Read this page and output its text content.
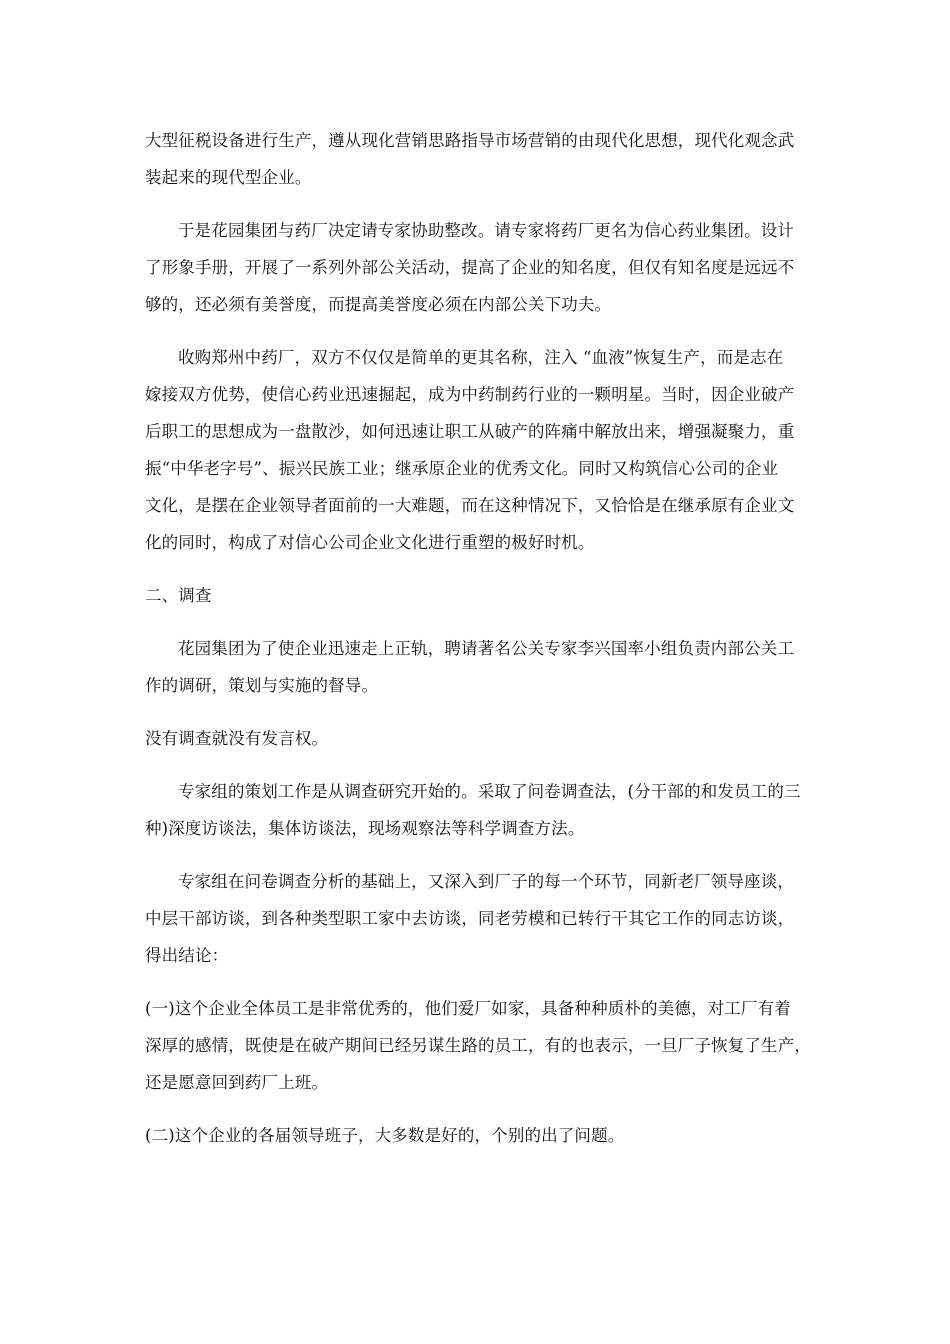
大型征税设备进行生产，遵从现化营销思路指导市场营销的由现代化思想，现代化观念武
装起来的现代型企业。

于是花园集团与药厂决定请专家协助整改。请专家将药厂更名为信心药业集团。设计
了形象手册，开展了一系列外部公关活动，提高了企业的知名度，但仅有知名度是远远不
够的，还必须有美誉度，而提高美誉度必须在内部公关下功夫。

收购郑州中药厂，双方不仅仅是简单的更其名称，注入 “血液”恢复生产，而是志在
嫁接双方优势，使信心药业迅速掘起，成为中药制药行业的一颗明星。当时，因企业破产
后职工的思想成为一盘散沙，如何迅速让职工从破产的阵痛中解放出来，增强凝聚力，重
振“中华老字号”、振兴民族工业；继承原企业的优秀文化。同时又构筑信心公司的企业
文化，是摆在企业领导者面前的一大难题，而在这种情况下，又恰恰是在继承原有企业文
化的同时，构成了对信心公司企业文化进行重塑的极好时机。

二、调查

花园集团为了使企业迅速走上正轨，聘请著名公关专家李兴国率小组负责内部公关工
作的调研，策划与实施的督导。

没有调查就没有发言权。

专家组的策划工作是从调查研究开始的。采取了问卷调查法，(分干部的和发员工的三
种)深度访谈法，集体访谈法，现场观察法等科学调查方法。

专家组在问卷调查分析的基础上，又深入到厂子的每一个环节，同新老厂领导座谈，
中层干部访谈，到各种类型职工家中去访谈，同老劳模和已转行干其它工作的同志访谈，
得出结论：

(一)这个企业全体员工是非常优秀的，他们爱厂如家，具备种种质朴的美德，对工厂有着
深厚的感情，既使是在破产期间已经另谋生路的员工，有的也表示，一旦厂子恢复了生产，
还是愿意回到药厂上班。

(二)这个企业的各届领导班子，大多数是好的，个别的出了问题。
